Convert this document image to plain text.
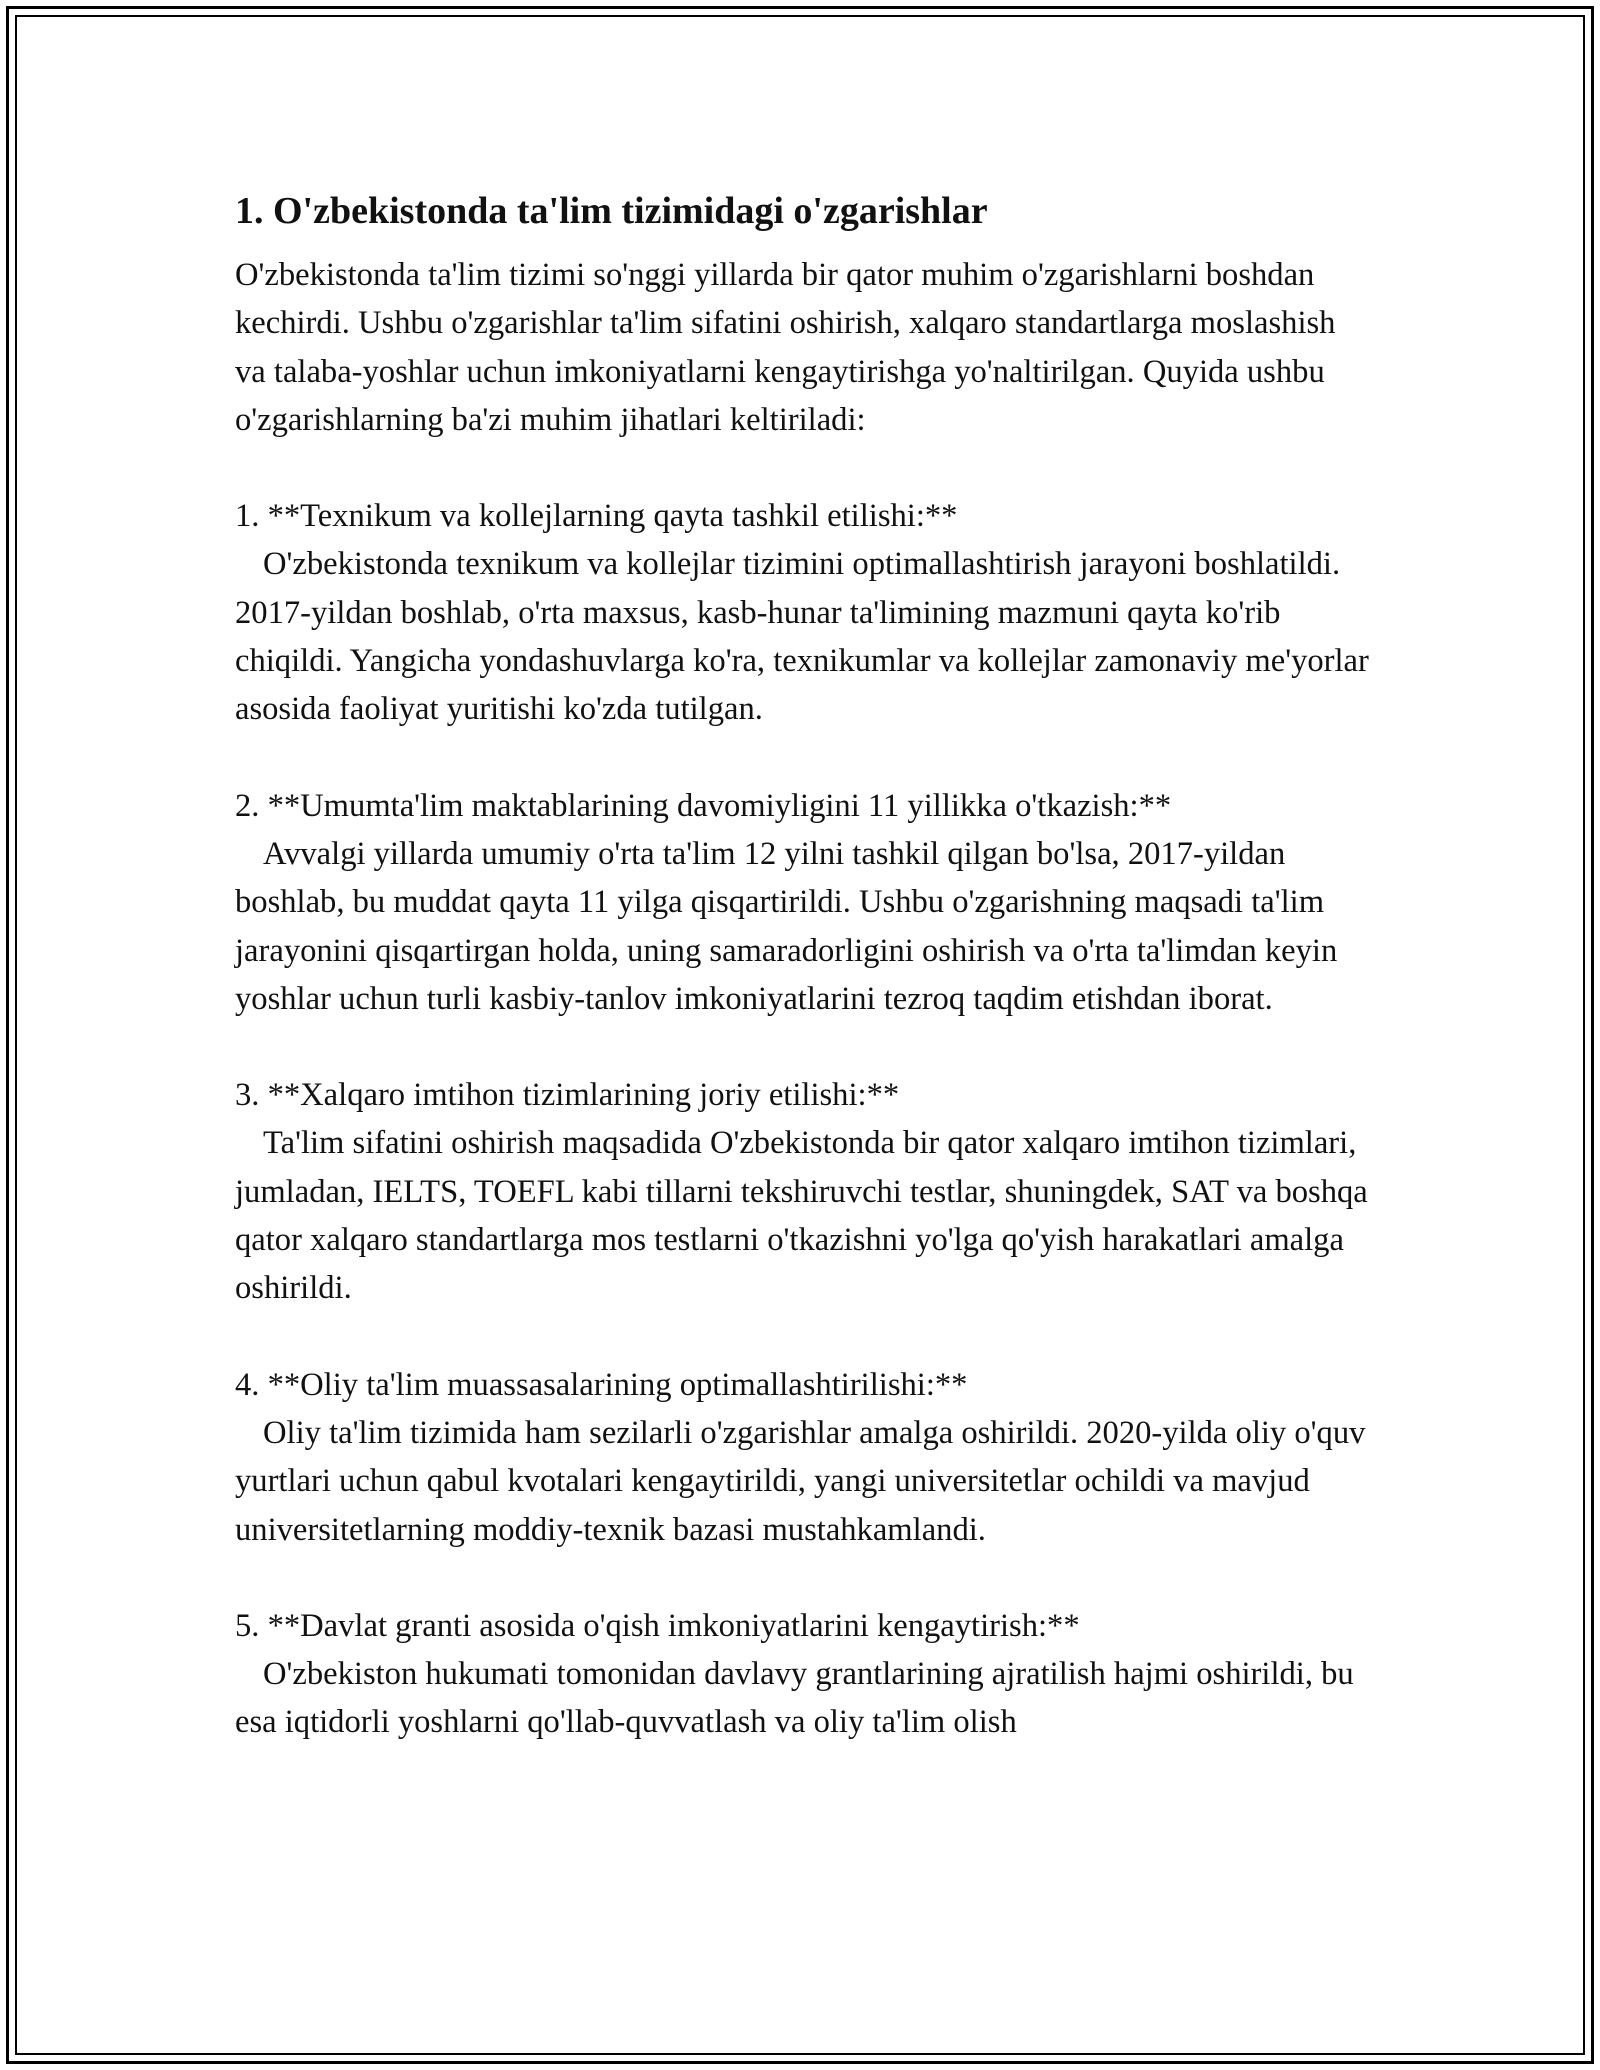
1. O'zbekistonda ta'lim tizimidagi o'zgarishlar

O'zbekistonda ta'lim tizimi so'nggi yillarda bir qator muhim o'zgarishlarni boshdan kechirdi. Ushbu o'zgarishlar ta'lim sifatini oshirish, xalqaro standartlarga moslashish va talaba-yoshlar uchun imkoniyatlarni kengaytirishga yo'naltirilgan. Quyida ushbu o'zgarishlarning ba'zi muhim jihatlari keltiriladi:

1. **Texnikum va kollejlarning qayta tashkil etilishi:**

O'zbekistonda texnikum va kollejlar tizimini optimallashtirish jarayoni boshlatildi. 2017-yildan boshlab, o'rta maxsus, kasb-hunar ta'limining mazmuni qayta ko'rib chiqildi. Yangicha yondashuvlarga ko'ra, texnikumlar va kollejlar zamonaviy me'yorlar asosida faoliyat yuritishi ko'zda tutilgan.

2. **Umumta'lim maktablarining davomiyligini 11 yillikka o'tkazish:**

Avvalgi yillarda umumiy o'rta ta'lim 12 yilni tashkil qilgan bo'lsa, 2017-yildan boshlab, bu muddat qayta 11 yilga qisqartirildi. Ushbu o'zgarishning maqsadi ta'lim jarayonini qisqartirgan holda, uning samaradorligini oshirish va o'rta ta'limdan keyin yoshlar uchun turli kasbiy-tanlov imkoniyatlarini tezroq taqdim etishdan iborat.

3. **Xalqaro imtihon tizimlarining joriy etilishi:**

Ta'lim sifatini oshirish maqsadida O'zbekistonda bir qator xalqaro imtihon tizimlari, jumladan, IELTS, TOEFL kabi tillarni tekshiruvchi testlar, shuningdek, SAT va boshqa qator xalqaro standartlarga mos testlarni o'tkazishni yo'lga qo'yish harakatlari amalga oshirildi.

4. **Oliy ta'lim muassasalarining optimallashtirilishi:**

Oliy ta'lim tizimida ham sezilarli o'zgarishlar amalga oshirildi. 2020-yilda oliy o'quv yurtlari uchun qabul kvotalari kengaytirildi, yangi universitetlar ochildi va mavjud universitetlarning moddiy-texnik bazasi mustahkamlandi.

5. **Davlat granti asosida o'qish imkoniyatlarini kengaytirish:**

O'zbekiston hukumati tomonidan davlavy grantlarining ajratilish hajmi oshirildi, bu esa iqtidorli yoshlarni qo'llab-quvvatlash va oliy ta'lim olish
